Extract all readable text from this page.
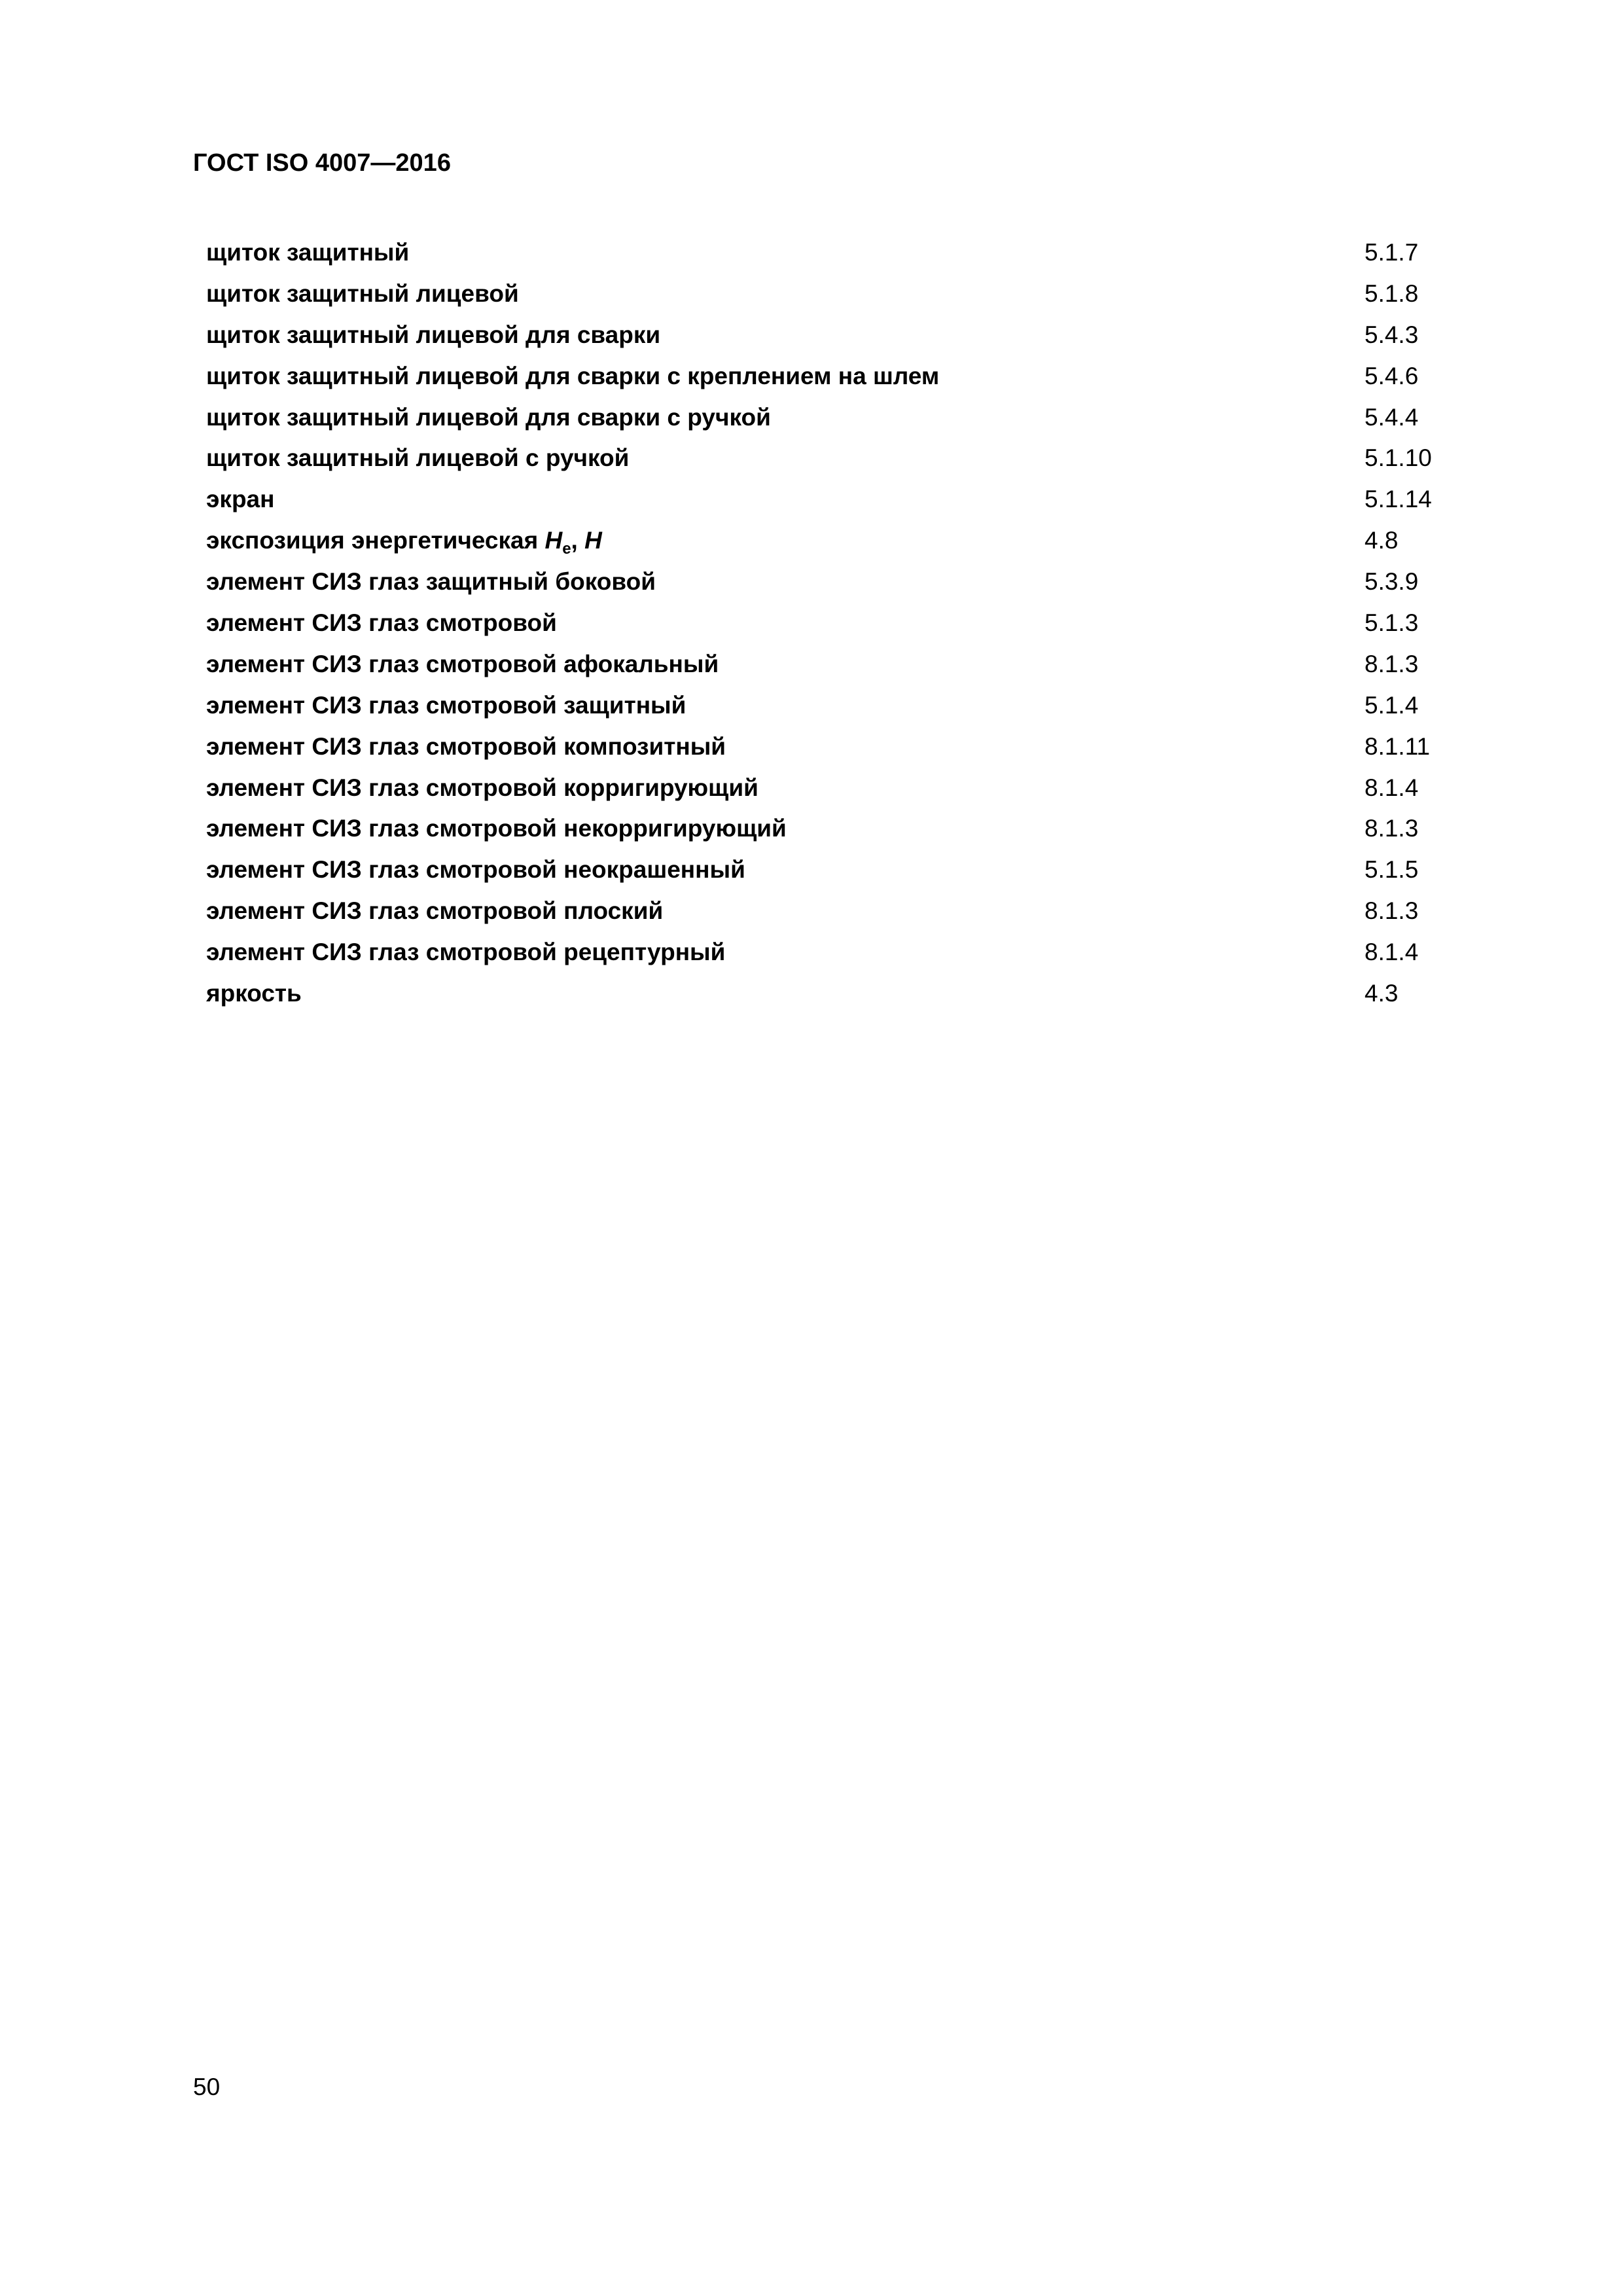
ГОСТ ISO 4007—2016
щиток защитный	5.1.7
щиток защитный лицевой	5.1.8
щиток защитный лицевой для сварки	5.4.3
щиток защитный лицевой для сварки с креплением на шлем	5.4.6
щиток защитный лицевой для сварки с ручкой	5.4.4
щиток защитный лицевой с ручкой	5.1.10
экран	5.1.14
экспозиция энергетическая $H_e$, H	4.8
элемент СИЗ глаз защитный боковой	5.3.9
элемент СИЗ глаз смотровой	5.1.3
элемент СИЗ глаз смотровой афокальный	8.1.3
элемент СИЗ глаз смотровой защитный	5.1.4
элемент СИЗ глаз смотровой композитный	8.1.11
элемент СИЗ глаз смотровой корригирующий	8.1.4
элемент СИЗ глаз смотровой некорригирующий	8.1.3
элемент СИЗ глаз смотровой неокрашенный	5.1.5
элемент СИЗ глаз смотровой плоский	8.1.3
элемент СИЗ глаз смотровой рецептурный	8.1.4
яркость	4.3
50
